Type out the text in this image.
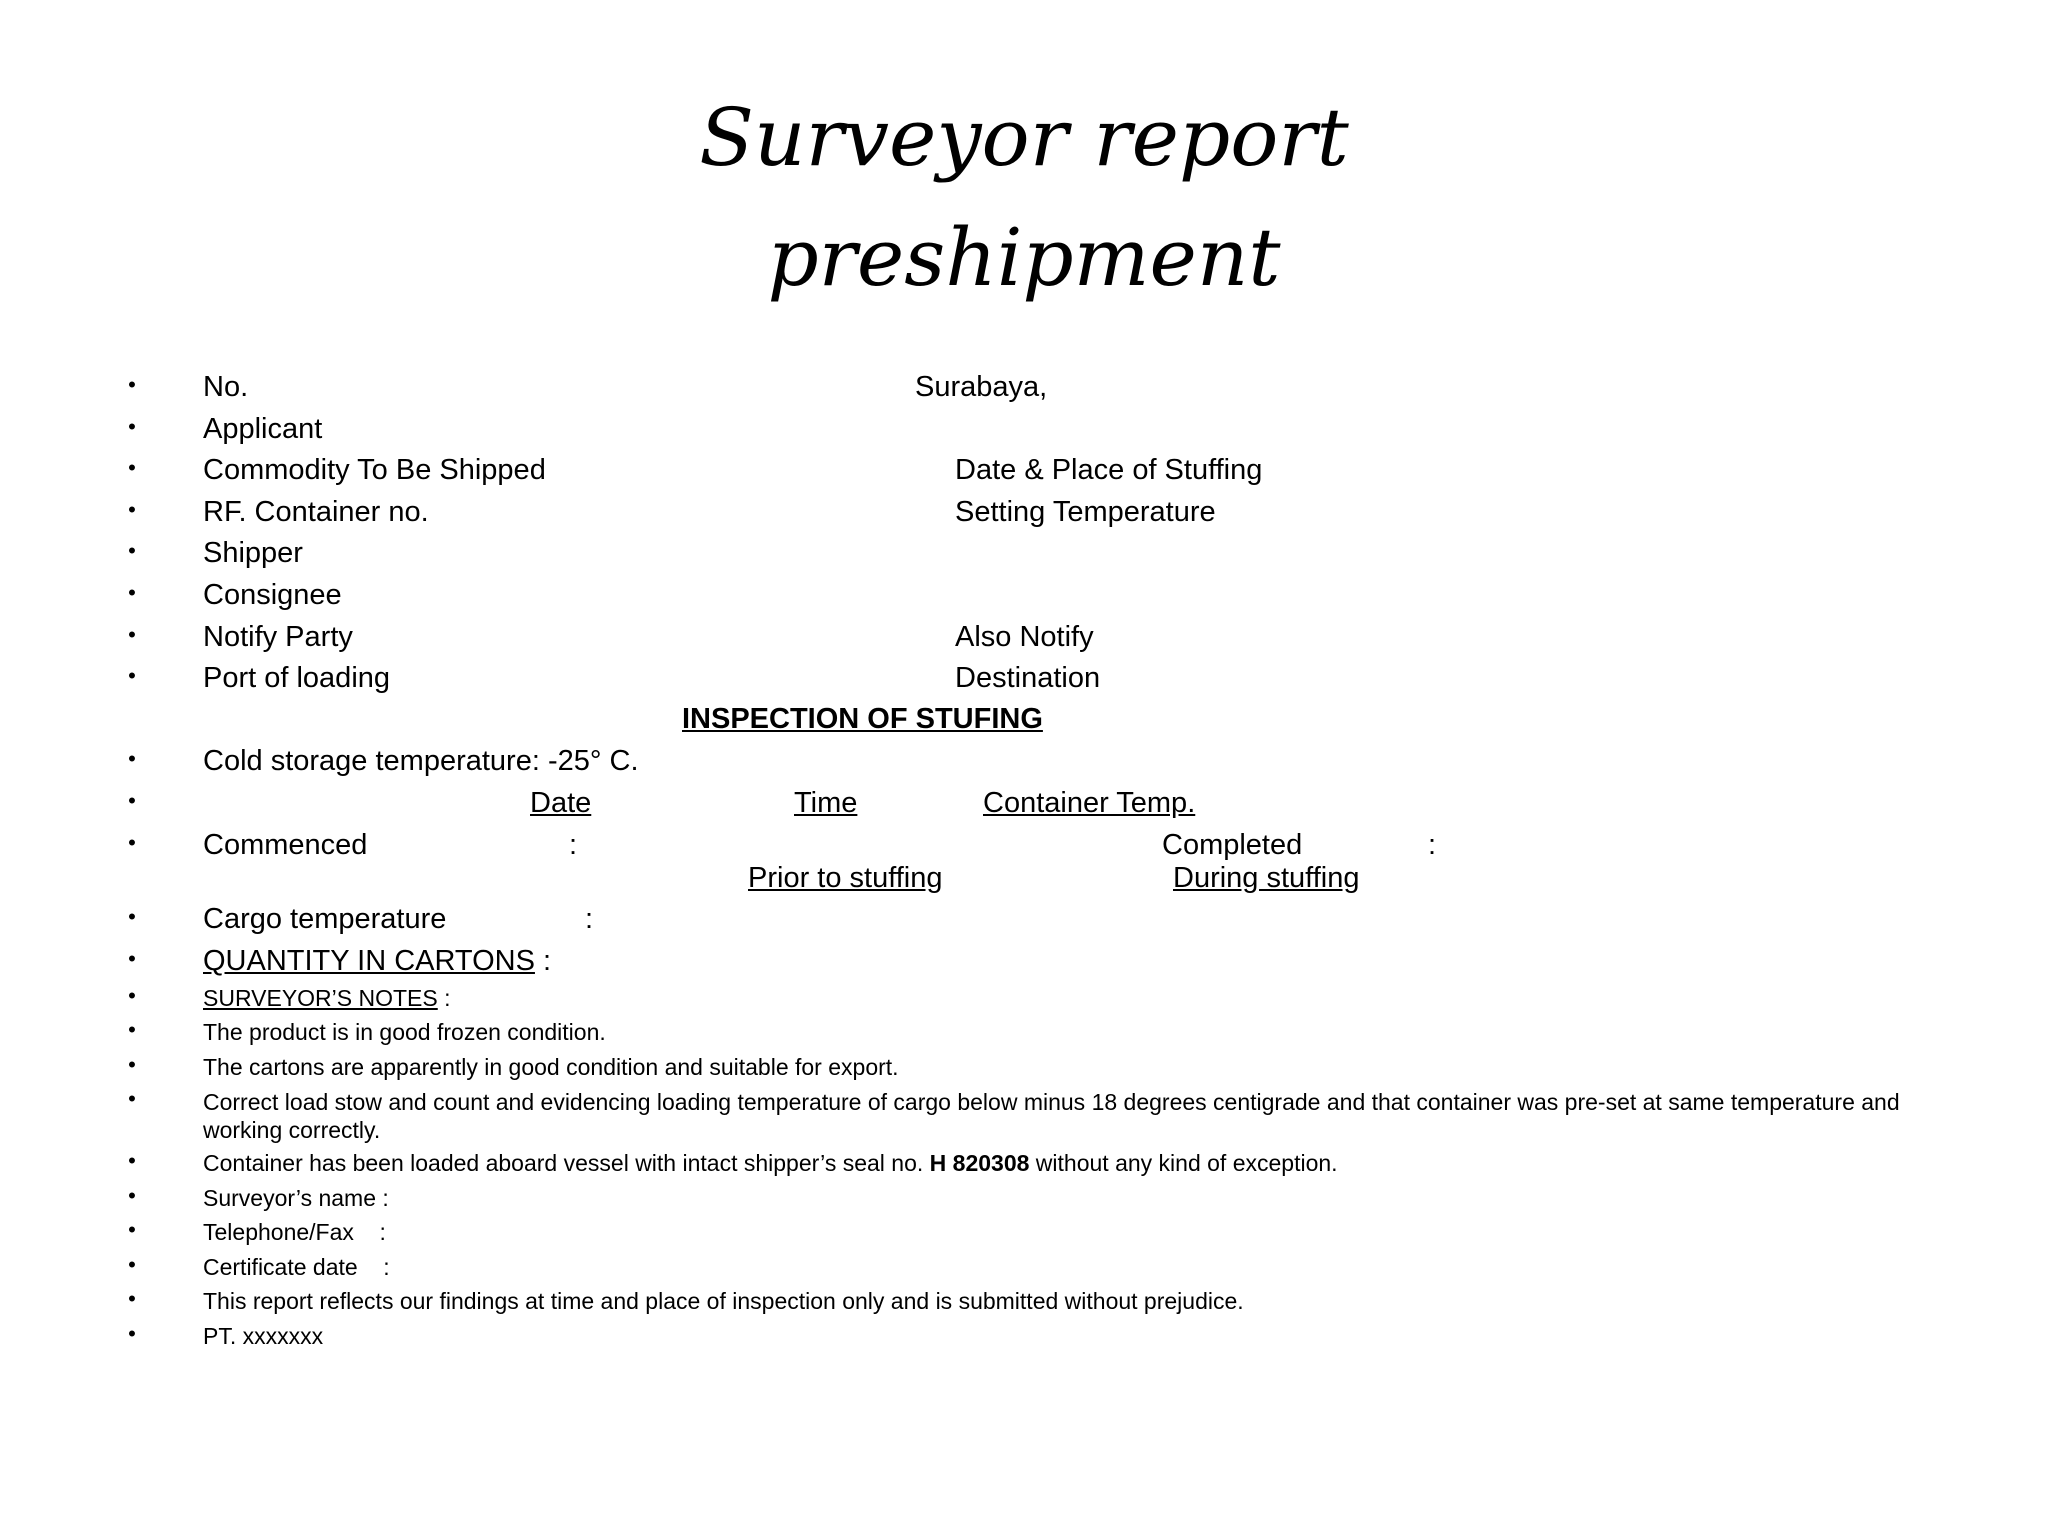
Surveyor report
preshipment
•
•
•
•
•
•
•
•
•
•
•
•
•
•
•
•
•
•
•
•
•
•
•
No.	Surabaya,
Applicant
Commodity To Be Shipped	Date & Place of Stuffing
RF. Container no.	Setting Temperature
Shipper
Consignee
Notify Party	Also Notify
Port of loading	Destination
INSPECTION OF STUFING
Cold storage temperature: -25° C.
Date	Time	Container Temp.
Commenced	:	Completed	:
Prior to stuffing	During stuffing
Cargo temperature	:
QUANTITY IN CARTONS :
SURVEYOR’S NOTES :
The product is in good frozen condition.
The cartons are apparently in good condition and suitable for export.
Correct load stow and count and evidencing loading temperature of cargo below minus 18 degrees centigrade and that container was pre-set at same temperature and working correctly.
Container has been loaded aboard vessel with intact shipper’s seal no. H 820308 without any kind of exception.
Surveyor’s name :
Telephone/Fax    :
Certificate date    :
This report reflects our findings at time and place of inspection only and is submitted without prejudice.
PT. xxxxxxx
